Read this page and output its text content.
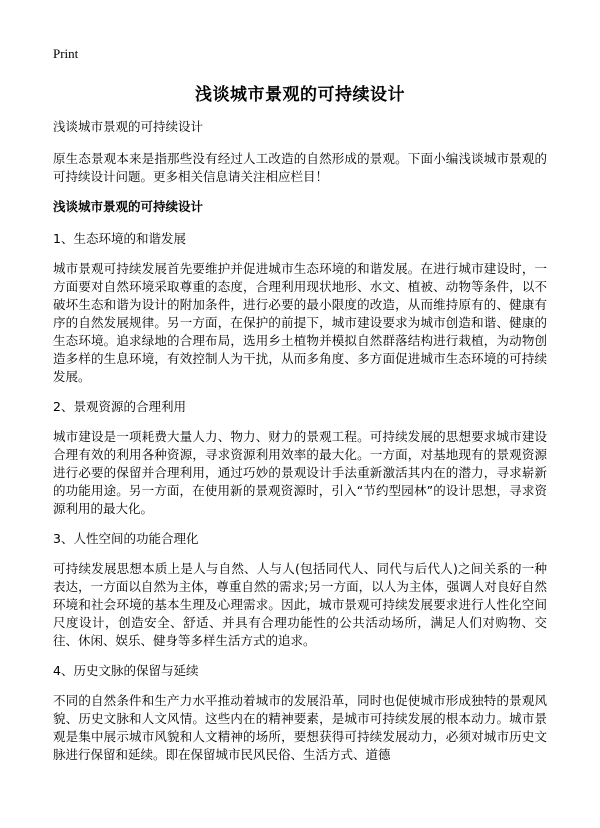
Print
浅谈城市景观的可持续设计

浅谈城市景观的可持续设计

原生态景观本来是指那些没有经过人工改造的自然形成的景观。下面小编浅谈城市景观的可持续设计问题。更多相关信息请关注相应栏目！

浅谈城市景观的可持续设计

1、生态环境的和谐发展

城市景观可持续发展首先要维护并促进城市生态环境的和谐发展。在进行城市建设时，一方面要对自然环境采取尊重的态度，合理利用现状地形、水文、植被、动物等条件，以不破坏生态和谐为设计的附加条件，进行必要的最小限度的改造，从而维持原有的、健康有序的自然发展规律。另一方面，在保护的前提下，城市建设要求为城市创造和谐、健康的生态环境。追求绿地的合理布局，选用乡土植物并模拟自然群落结构进行栽植，为动物创造多样的生息环境，有效控制人为干扰，从而多角度、多方面促进城市生态环境的可持续发展。

2、景观资源的合理利用

城市建设是一项耗费大量人力、物力、财力的景观工程。可持续发展的思想要求城市建设合理有效的利用各种资源，寻求资源利用效率的最大化。一方面，对基地现有的景观资源进行必要的保留并合理利用，通过巧妙的景观设计手法重新激活其内在的潜力，寻求崭新的功能用途。另一方面，在使用新的景观资源时，引入“节约型园林”的设计思想，寻求资源利用的最大化。

3、人性空间的功能合理化

可持续发展思想本质上是人与自然、人与人(包括同代人、同代与后代人)之间关系的一种表达，一方面以自然为主体，尊重自然的需求;另一方面，以人为主体，强调人对良好自然环境和社会环境的基本生理及心理需求。因此，城市景观可持续发展要求进行人性化空间尺度设计，创造安全、舒适、并具有合理功能性的公共活动场所，满足人们对购物、交往、休闲、娱乐、健身等多样生活方式的追求。

4、历史文脉的保留与延续

不同的自然条件和生产力水平推动着城市的发展沿革，同时也促使城市形成独特的景观风貌、历史文脉和人文风情。这些内在的精神要素，是城市可持续发展的根本动力。城市景观是集中展示城市风貌和人文精神的场所，要想获得可持续发展动力，必须对城市历史文脉进行保留和延续。即在保留城市民风民俗、生活方式、道德
